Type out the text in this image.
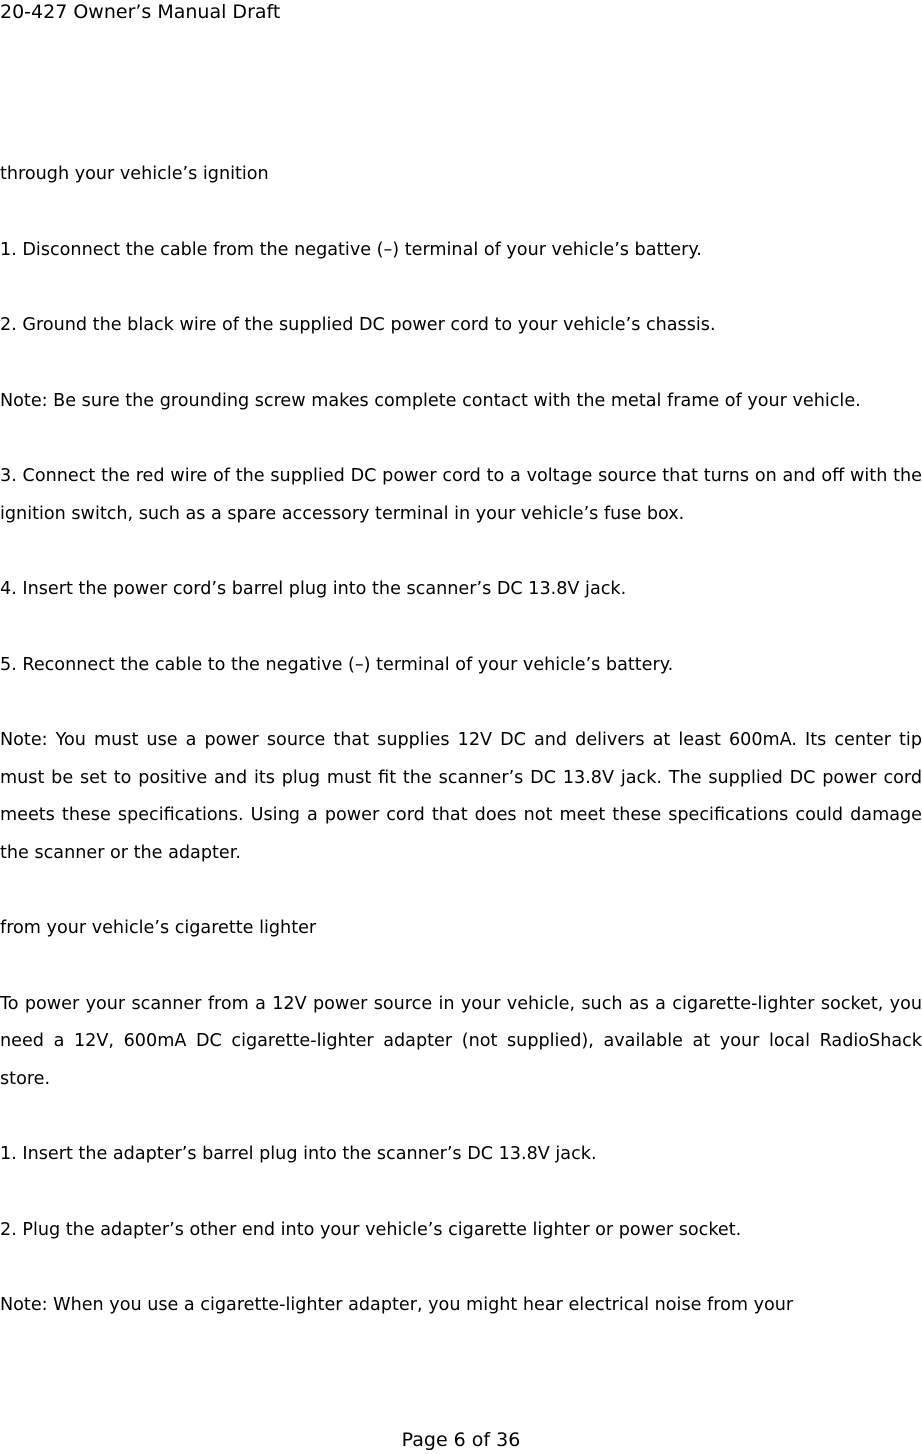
20-427 Owner’s Manual Draft

through your vehicle’s ignition

1. Disconnect the cable from the negative (–) terminal of your vehicle’s battery.

2. Ground the black wire of the supplied DC power cord to your vehicle’s chassis.

Note: Be sure the grounding screw makes complete contact with the metal frame of your vehicle.

3. Connect the red wire of the supplied DC power cord to a voltage source that turns on and off with the ignition switch, such as a spare accessory terminal in your vehicle’s fuse box.

4. Insert the power cord’s barrel plug into the scanner’s DC 13.8V jack.

5. Reconnect the cable to the negative (–) terminal of your vehicle’s battery.

Note: You must use a power source that supplies 12V DC and delivers at least 600mA. Its center tip must be set to positive and its plug must fit the scanner’s DC 13.8V jack. The supplied DC power cord meets these specifications. Using a power cord that does not meet these specifications could damage the scanner or the adapter.

from your vehicle’s cigarette lighter

To power your scanner from a 12V power source in your vehicle, such as a cigarette-lighter socket, you need a 12V, 600mA DC cigarette-lighter adapter (not supplied), available at your local RadioShack store.

1. Insert the adapter’s barrel plug into the scanner’s DC 13.8V jack.

2. Plug the adapter’s other end into your vehicle’s cigarette lighter or power socket.

Note: When you use a cigarette-lighter adapter, you might hear electrical noise from your

Page 6 of 36
